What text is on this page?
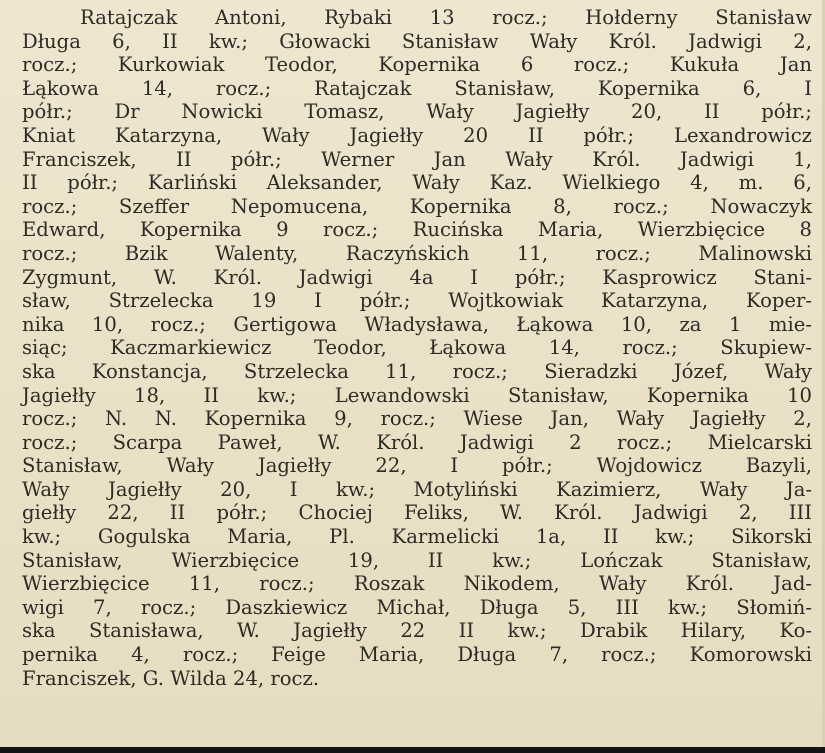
Ratajczak Antoni, Rybaki 13 rocz.; Hołderny Stanisław
Długa 6, II kw.; Głowacki Stanisław Wały Król. Jadwigi 2,
rocz.; Kurkowiak Teodor, Kopernika 6 rocz.; Kukuła Jan
Łąkowa 14, rocz.; Ratajczak Stanisław, Kopernika 6, I
półr.; Dr Nowicki Tomasz, Wały Jagiełły 20, II półr.;
Kniat Katarzyna, Wały Jagiełły 20 II półr.; Lexandrowicz
Franciszek, II półr.; Werner Jan Wały Król. Jadwigi 1,
II półr.; Karliński Aleksander, Wały Kaz. Wielkiego 4, m. 6,
rocz.; Szeffer Nepomucena, Kopernika 8, rocz.; Nowaczyk
Edward, Kopernika 9 rocz.; Rucińska Maria, Wierzbięcice 8
rocz.; Bzik Walenty, Raczyńskich 11, rocz.; Malinowski
Zygmunt, W. Król. Jadwigi 4a I półr.; Kasprowicz Stani-
sław, Strzelecka 19 I półr.; Wojtkowiak Katarzyna, Koper-
nika 10, rocz.; Gertigowa Władysława, Łąkowa 10, za 1 mie-
siąc; Kaczmarkiewicz Teodor, Łąkowa 14, rocz.; Skupiew-
ska Konstancja, Strzelecka 11, rocz.; Sieradzki Józef, Wały
Jagiełły 18, II kw.; Lewandowski Stanisław, Kopernika 10
rocz.; N. N. Kopernika 9, rocz.; Wiese Jan, Wały Jagiełły 2,
rocz.; Scarpa Paweł, W. Król. Jadwigi 2 rocz.; Mielcarski
Stanisław, Wały Jagiełły 22, I półr.; Wojdowicz Bazyli,
Wały Jagiełły 20, I kw.; Motyliński Kazimierz, Wały Ja-
giełły 22, II półr.; Chociej Feliks, W. Król. Jadwigi 2, III
kw.; Gogulska Maria, Pl. Karmelicki 1a, II kw.; Sikorski
Stanisław, Wierzbięcice 19, II kw.; Lończak Stanisław,
Wierzbięcice 11, rocz.; Roszak Nikodem, Wały Król. Jad-
wigi 7, rocz.; Daszkiewicz Michał, Długa 5, III kw.; Słomiń-
ska Stanisława, W. Jagiełły 22 II kw.; Drabik Hilary, Ko-
pernika 4, rocz.; Feige Maria, Długa 7, rocz.; Komorowski
Franciszek, G. Wilda 24, rocz.
